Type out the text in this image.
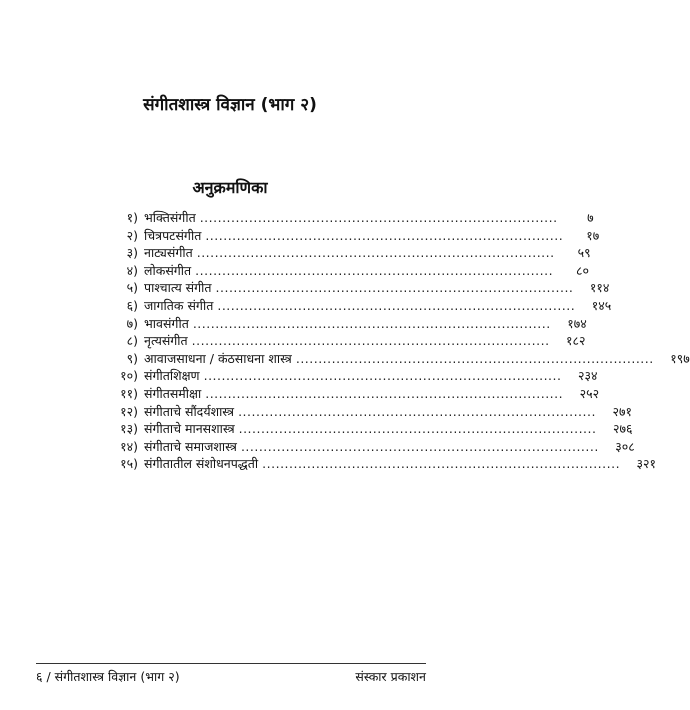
संगीतशास्त्र विज्ञान (भाग २)
अनुक्रमणिका
१) भक्तिसंगीत ................................................................................	७
२) चित्रपटसंगीत ................................................................................	१७
३) नाट्यसंगीत ................................................................................	५९
४) लोकसंगीत ................................................................................	८०
५) पाश्चात्य संगीत ................................................................................	११४
६) जागतिक संगीत ................................................................................	१४५
७) भावसंगीत ................................................................................	१७४
८) नृत्यसंगीत ................................................................................	१८२
९) आवाजसाधना / कंठसाधना शास्त्र ................................................................................	१९७
१०) संगीतशिक्षण ................................................................................	२३४
११) संगीतसमीक्षा ................................................................................	२५२
१२) संगीताचे सौंदर्यशास्त्र ................................................................................	२७१
१३) संगीताचे मानसशास्त्र ................................................................................	२७६
१४) संगीताचे समाजशास्त्र ................................................................................	३०८
१५) संगीतातील संशोधनपद्धती ................................................................................	३२१
६ / संगीतशास्त्र विज्ञान (भाग २)	संस्कार प्रकाशन
